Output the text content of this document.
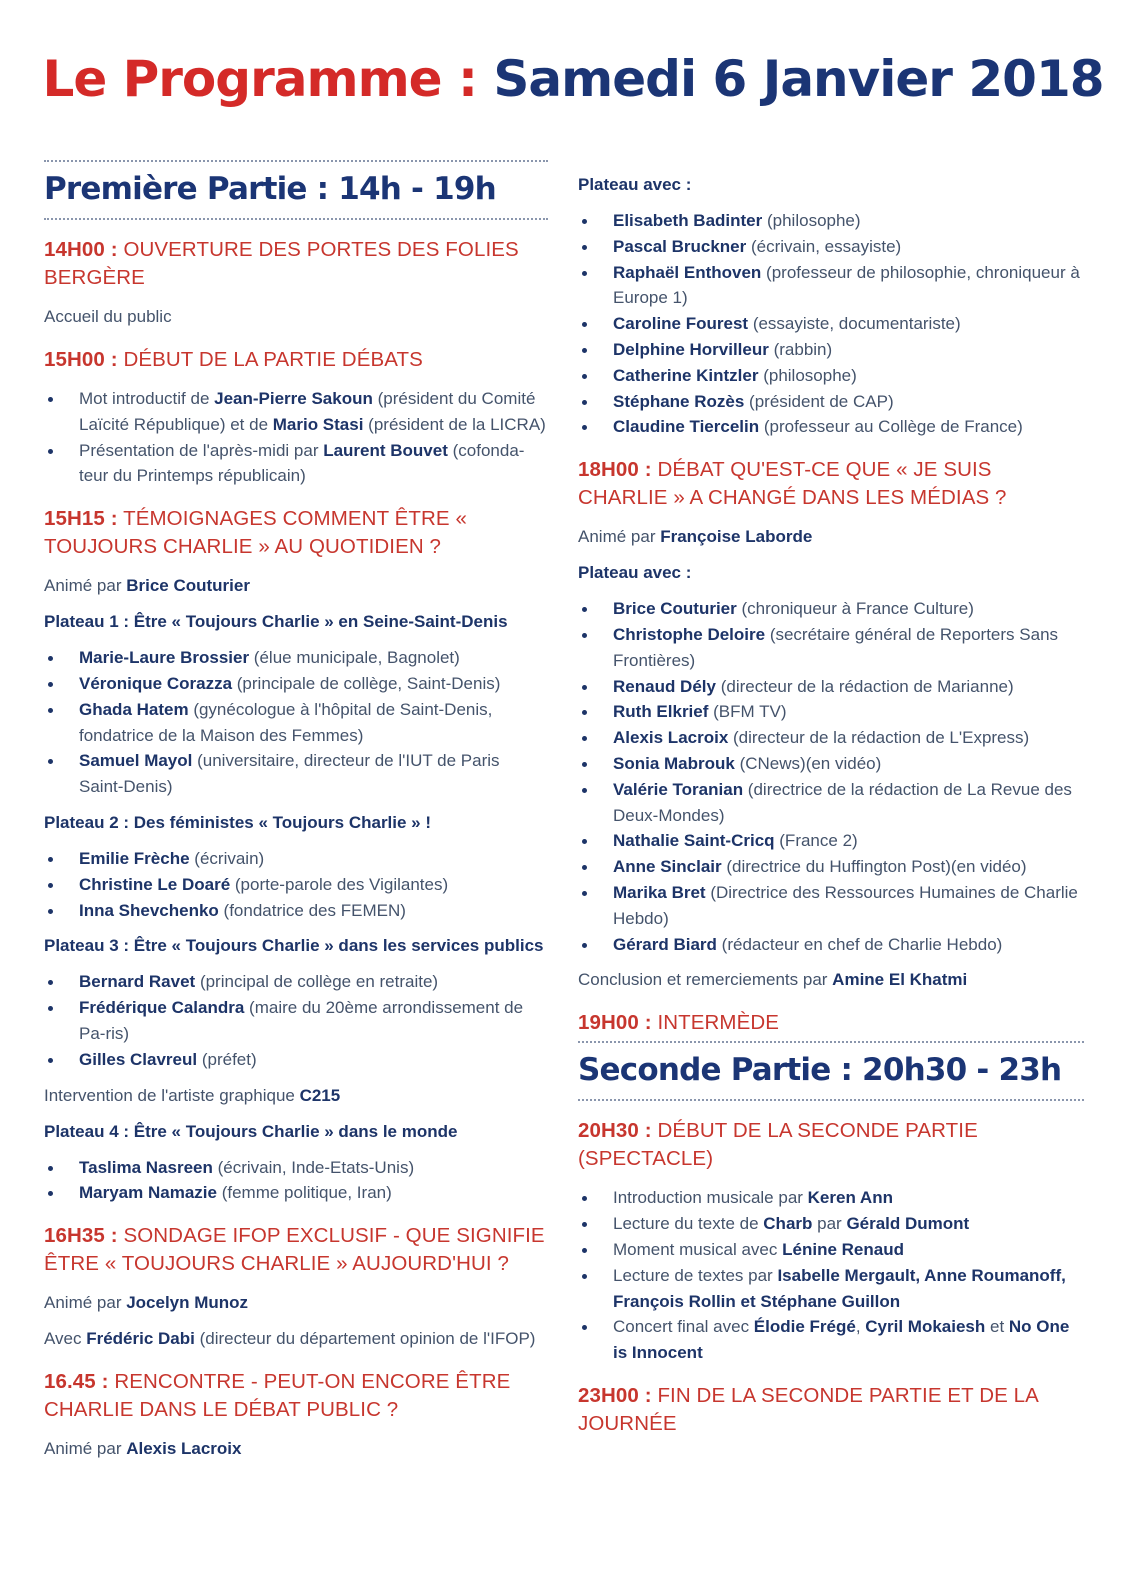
Le Programme : Samedi 6 Janvier 2018
Première Partie : 14h - 19h
14H00 : OUVERTURE DES PORTES DES FOLIES BERGÈRE
Accueil du public
15H00 : DÉBUT DE LA PARTIE DÉBATS
Mot introductif de Jean-Pierre Sakoun (président du Comité Laïcité République) et de Mario Stasi (président de la LICRA)
Présentation de l'après-midi par Laurent Bouvet (cofonda-teur du Printemps républicain)
15H15 : TÉMOIGNAGES COMMENT ÊTRE « TOUJOURS CHARLIE » AU QUOTIDIEN ?
Animé par Brice Couturier
Plateau 1 : Être « Toujours Charlie » en Seine-Saint-Denis
Marie-Laure Brossier (élue municipale, Bagnolet)
Véronique Corazza (principale de collège, Saint-Denis)
Ghada Hatem (gynécologue à l'hôpital de Saint-Denis, fondatrice de la Maison des Femmes)
Samuel Mayol (universitaire, directeur de l'IUT de Paris Saint-Denis)
Plateau 2 : Des féministes « Toujours Charlie » !
Emilie Frèche (écrivain)
Christine Le Doaré (porte-parole des Vigilantes)
Inna Shevchenko (fondatrice des FEMEN)
Plateau 3 : Être « Toujours Charlie » dans les services publics
Bernard Ravet (principal de collège en retraite)
Frédérique Calandra (maire du 20ème arrondissement de Pa-ris)
Gilles Clavreul (préfet)
Intervention de l'artiste graphique C215
Plateau 4 : Être « Toujours Charlie » dans le monde
Taslima Nasreen (écrivain, Inde-Etats-Unis)
Maryam Namazie (femme politique, Iran)
16H35 : SONDAGE IFOP EXCLUSIF - QUE SIGNIFIE ÊTRE « TOUJOURS CHARLIE » AUJOURD'HUI ?
Animé par Jocelyn Munoz
Avec Frédéric Dabi (directeur du département opinion de l'IFOP)
16.45 : RENCONTRE - PEUT-ON ENCORE ÊTRE CHARLIE DANS LE DÉBAT PUBLIC ?
Animé par Alexis Lacroix
Plateau avec :
Elisabeth Badinter (philosophe)
Pascal Bruckner (écrivain, essayiste)
Raphaël Enthoven (professeur de philosophie, chroniqueur à Europe 1)
Caroline Fourest (essayiste, documentariste)
Delphine Horvilleur (rabbin)
Catherine Kintzler (philosophe)
Stéphane Rozès (président de CAP)
Claudine Tiercelin (professeur au Collège de France)
18H00 : DÉBAT QU'EST-CE QUE « JE SUIS CHARLIE » A CHANGÉ DANS LES MÉDIAS ?
Animé par Françoise Laborde
Plateau avec :
Brice Couturier (chroniqueur à France Culture)
Christophe Deloire (secrétaire général de Reporters Sans Frontières)
Renaud Dély (directeur de la rédaction de Marianne)
Ruth Elkrief (BFM TV)
Alexis Lacroix (directeur de la rédaction de L'Express)
Sonia Mabrouk (CNews)(en vidéo)
Valérie Toranian (directrice de la rédaction de La Revue des Deux-Mondes)
Nathalie Saint-Cricq (France 2)
Anne Sinclair (directrice du Huffington Post)(en vidéo)
Marika Bret (Directrice des Ressources Humaines de Charlie Hebdo)
Gérard Biard (rédacteur en chef de Charlie Hebdo)
Conclusion et remerciements par Amine El Khatmi
19H00 : INTERMÈDE
Seconde Partie : 20h30 - 23h
20H30 : DÉBUT DE LA SECONDE PARTIE (SPECTACLE)
Introduction musicale par Keren Ann
Lecture du texte de Charb par Gérald Dumont
Moment musical avec Lénine Renaud
Lecture de textes par Isabelle Mergault, Anne Roumanoff, François Rollin et Stéphane Guillon
Concert final avec Élodie Frégé, Cyril Mokaiesh et No One is Innocent
23H00 : FIN DE LA SECONDE PARTIE ET DE LA JOURNÉE
